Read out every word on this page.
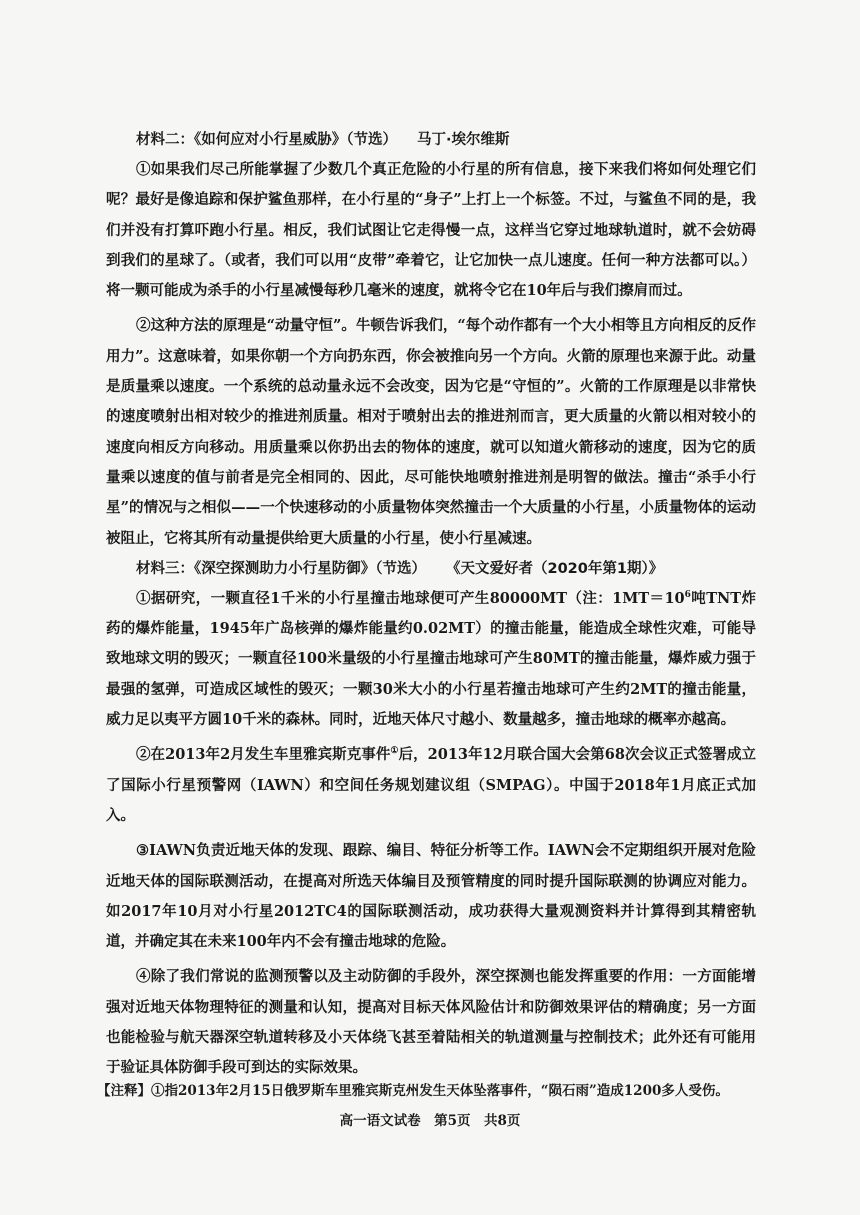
材料二：《如何应对小行星威胁》（节选） 马丁·埃尔维斯

①如果我们尽己所能掌握了少数几个真正危险的小行星的所有信息，接下来我们将如何处理它们呢？最好是像追踪和保护鲨鱼那样，在小行星的“身子”上打上一个标签。不过，与鲨鱼不同的是，我们并没有打算吓跑小行星。相反，我们试图让它走得慢一点，这样当它穿过地球轨道时，就不会妨碍到我们的星球了。（或者，我们可以用“皮带”牵着它，让它加快一点儿速度。任何一种方法都可以。）将一颗可能成为杀手的小行星减慢每秒几毫米的速度，就将令它在10年后与我们擦肩而过。

②这种方法的原理是“动量守恒”。牛顿告诉我们，“每个动作都有一个大小相等且方向相反的反作用力”。这意味着，如果你朝一个方向扔东西，你会被推向另一个方向。火箭的原理也来源于此。动量是质量乘以速度。一个系统的总动量永远不会改变，因为它是“守恒的”。火箭的工作原理是以非常快的速度喷射出相对较少的推进剂质量。相对于喷射出去的推进剂而言，更大质量的火箭以相对较小的速度向相反方向移动。用质量乘以你扔出去的物体的速度，就可以知道火箭移动的速度，因为它的质量乘以速度的值与前者是完全相同的、因此，尽可能快地喷射推进剂是明智的做法。撞击“杀手小行星”的情况与之相似——一个快速移动的小质量物体突然撞击一个大质量的小行星，小质量物体的运动被阻止，它将其所有动量提供给更大质量的小行星，使小行星减速。

材料三：《深空探测助力小行星防御》（节选） 《天文爱好者（2020年第1期）》

①据研究，一颗直径1千米的小行星撞击地球便可产生80000MT（注：$1MT=10^6$吨TNT炸药的爆炸能量，1945年广岛核弹的爆炸能量约0.02MT）的撞击能量，能造成全球性灾难，可能导致地球文明的毁灭；一颗直径100米量级的小行星撞击地球可产生80MT的撞击能量，爆炸威力强于最强的氢弹，可造成区域性的毁灭；一颗30米大小的小行星若撞击地球可产生约2MT的撞击能量，威力足以夷平方圆10千米的森林。同时，近地天体尺寸越小、数量越多，撞击地球的概率亦越高。

②在2013年2月发生车里雅宾斯克事件①后，2013年12月联合国大会第68次会议正式签署成立了国际小行星预警网（IAWN）和空间任务规划建议组（SMPAG）。中国于2018年1月底正式加入。

③IAWN负责近地天体的发现、跟踪、编目、特征分析等工作。IAWN会不定期组织开展对危险近地天体的国际联测活动，在提高对所选天体编目及预管精度的同时提升国际联测的协调应对能力。如2017年10月对小行星2012TC4的国际联测活动，成功获得大量观测资料并计算得到其精密轨道，并确定其在未来100年内不会有撞击地球的危险。

④除了我们常说的监测预警以及主动防御的手段外，深空探测也能发挥重要的作用：一方面能增强对近地天体物理特征的测量和认知，提高对目标天体风险估计和防御效果评估的精确度；另一方面也能检验与航天器深空轨道转移及小天体绕飞甚至着陆相关的轨道测量与控制技术；此外还有可能用于验证具体防御手段可到达的实际效果。

【注释】①指2013年2月15日俄罗斯车里雅宾斯克州发生天体坠落事件，“陨石雨”造成1200多人受伤。
高一语文试卷　第5页　共8页
